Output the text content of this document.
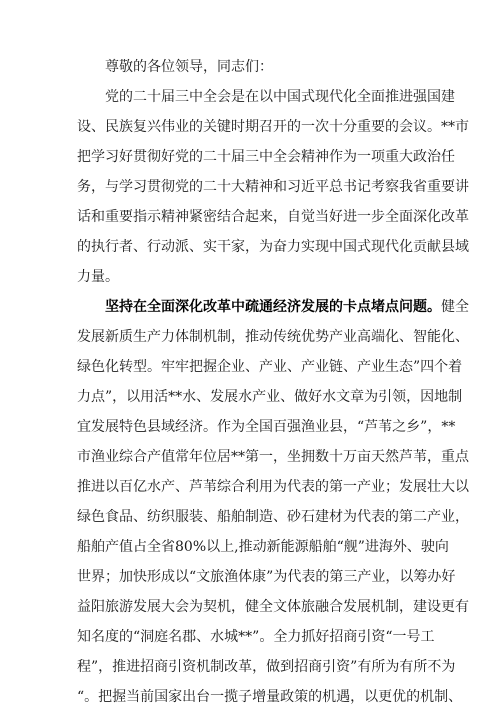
尊敬的各位领导，同志们：
党的二十届三中全会是在以中国式现代化全面推进强国建
设、民族复兴伟业的关键时期召开的一次十分重要的会议。**市
把学习好贯彻好党的二十届三中全会精神作为一项重大政治任
务，与学习贯彻党的二十大精神和习近平总书记考察我省重要讲
话和重要指示精神紧密结合起来，自觉当好进一步全面深化改革
的执行者、行动派、实干家，为奋力实现中国式现代化贡献县域
力量。
坚持在全面深化改革中疏通经济发展的卡点堵点问题。健全
发展新质生产力体制机制，推动传统优势产业高端化、智能化、
绿色化转型。牢牢把握企业、产业、产业链、产业生态”四个着
力点”，以用活**水、发展水产业、做好水文章为引领，因地制
宜发展特色县域经济。作为全国百强渔业县，“芦苇之乡”，**
市渔业综合产值常年位居**第一，坐拥数十万亩天然芦苇，重点
推进以百亿水产、芦苇综合利用为代表的第一产业；发展壮大以
绿色食品、纺织服装、船舶制造、砂石建材为代表的第二产业，
船舶产值占全省80%以上,推动新能源船舶“舰”进海外、驶向
世界；加快形成以“文旅渔体康”为代表的第三产业，以筹办好
益阳旅游发展大会为契机，健全文体旅融合发展机制，建设更有
知名度的“洞庭名郡、水城**”。全力抓好招商引资“一号工
程”，推进招商引资机制改革，做到招商引资”有所为有所不为
“。把握当前国家出台一揽子增量政策的机遇，以更优的机制、
